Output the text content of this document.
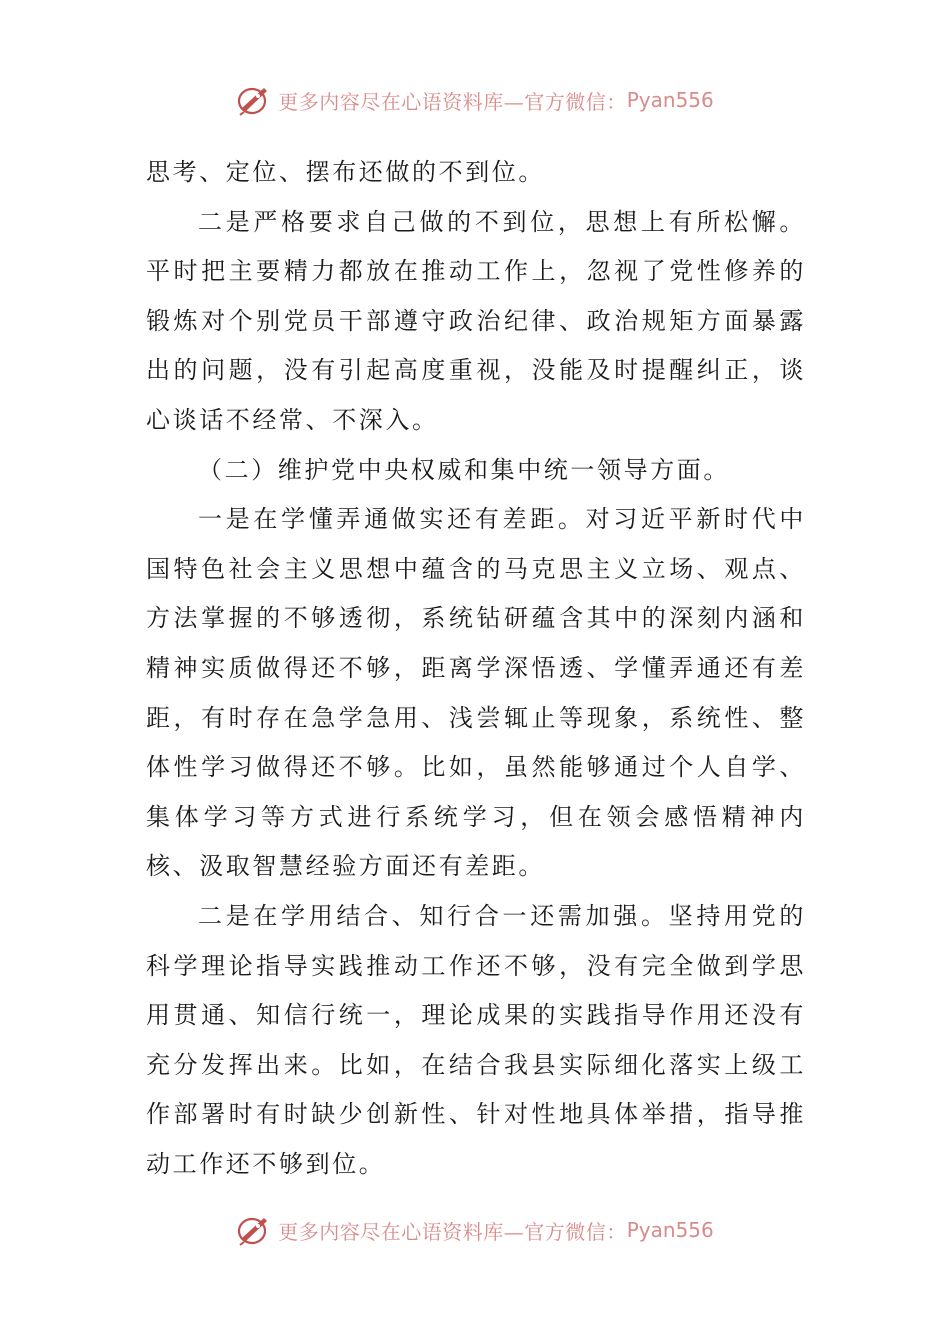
更多内容尽在心语资料库—官方微信： Pyan556

思考、定位、摆布还做的不到位。

二是严格要求自己做的不到位，思想上有所松懈。平时把主要精力都放在推动工作上，忽视了党性修养的锻炼对个别党员干部遵守政治纪律、政治规矩方面暴露出的问题，没有引起高度重视，没能及时提醒纠正，谈心谈话不经常、不深入。

（二）维护党中央权威和集中统一领导方面。

一是在学懂弄通做实还有差距。对习近平新时代中国特色社会主义思想中蕴含的马克思主义立场、观点、方法掌握的不够透彻，系统钻研蕴含其中的深刻内涵和精神实质做得还不够，距离学深悟透、学懂弄通还有差距，有时存在急学急用、浅尝辄止等现象，系统性、整体性学习做得还不够。比如，虽然能够通过个人自学、集体学习等方式进行系统学习，但在领会感悟精神内核、汲取智慧经验方面还有差距。

二是在学用结合、知行合一还需加强。坚持用党的科学理论指导实践推动工作还不够，没有完全做到学思用贯通、知信行统一，理论成果的实践指导作用还没有充分发挥出来。比如，在结合我县实际细化落实上级工作部署时有时缺少创新性、针对性地具体举措，指导推动工作还不够到位。

更多内容尽在心语资料库—官方微信： Pyan556
